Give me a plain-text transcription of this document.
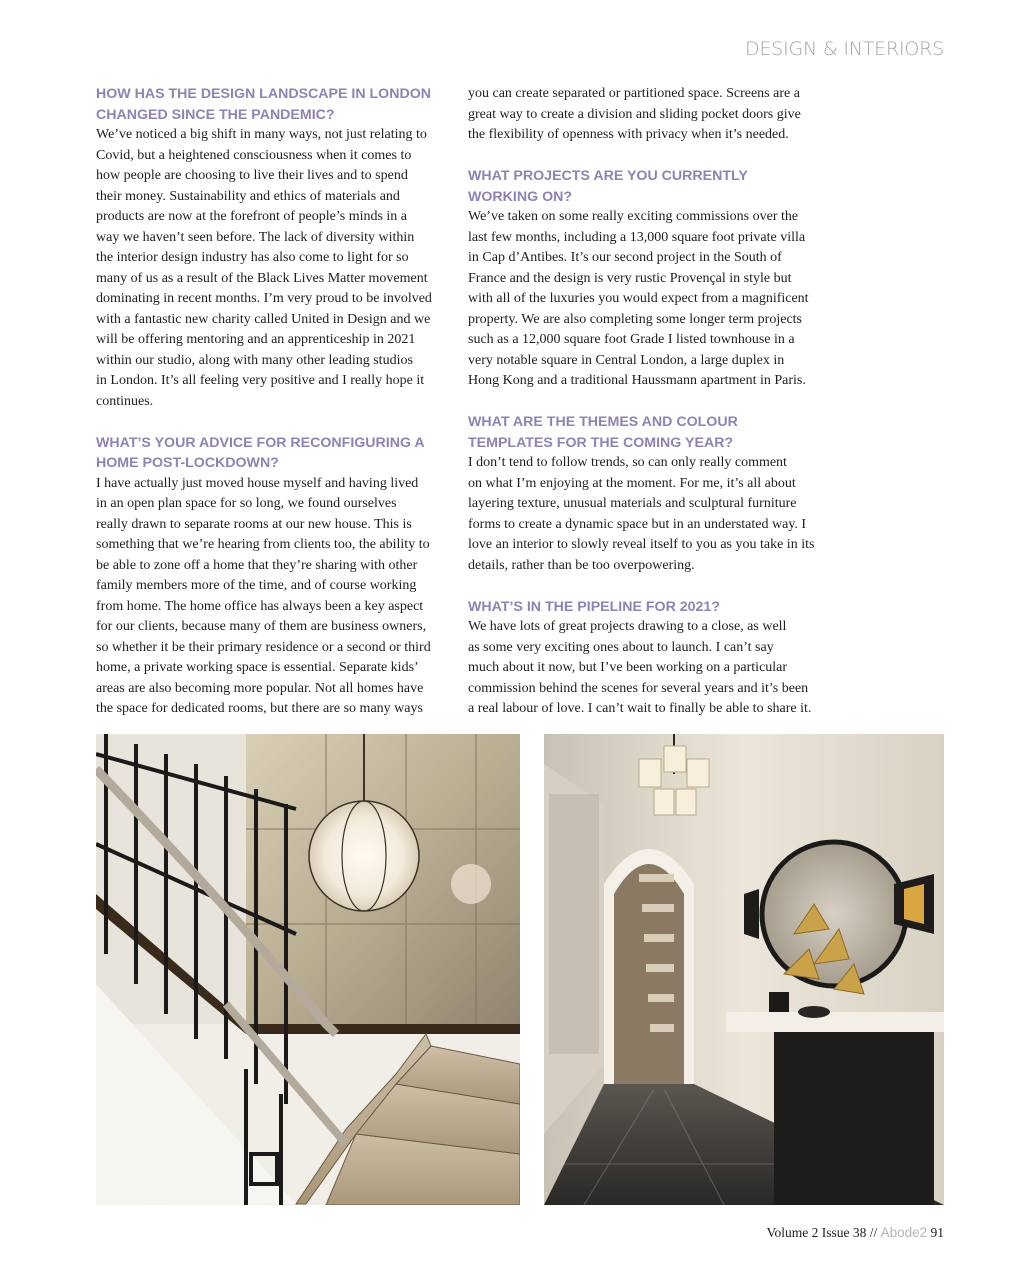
DESIGN & INTERIORS
HOW HAS THE DESIGN LANDSCAPE IN LONDON
CHANGED SINCE THE PANDEMIC?

We’ve noticed a big shift in many ways, not just relating to
Covid, but a heightened consciousness when it comes to
how people are choosing to live their lives and to spend
their money. Sustainability and ethics of materials and
products are now at the forefront of people’s minds in a
way we haven’t seen before. The lack of diversity within
the interior design industry has also come to light for so
many of us as a result of the Black Lives Matter movement
dominating in recent months. I’m very proud to be involved
with a fantastic new charity called United in Design and we
will be offering mentoring and an apprenticeship in 2021
within our studio, along with many other leading studios
in London. It’s all feeling very positive and I really hope it
continues.

WHAT’S YOUR ADVICE FOR RECONFIGURING A
HOME POST-LOCKDOWN?

I have actually just moved house myself and having lived
in an open plan space for so long, we found ourselves
really drawn to separate rooms at our new house. This is
something that we’re hearing from clients too, the ability to
be able to zone off a home that they’re sharing with other
family members more of the time, and of course working
from home. The home office has always been a key aspect
for our clients, because many of them are business owners,
so whether it be their primary residence or a second or third
home, a private working space is essential. Separate kids’
areas are also becoming more popular. Not all homes have
the space for dedicated rooms, but there are so many ways

you can create separated or partitioned space. Screens are a
great way to create a division and sliding pocket doors give
the flexibility of openness with privacy when it’s needed.

WHAT PROJECTS ARE YOU CURRENTLY
WORKING ON?

We’ve taken on some really exciting commissions over the
last few months, including a 13,000 square foot private villa
in Cap d’Antibes. It’s our second project in the South of
France and the design is very rustic Provençal in style but
with all of the luxuries you would expect from a magnificent
property. We are also completing some longer term projects
such as a 12,000 square foot Grade I listed townhouse in a
very notable square in Central London, a large duplex in
Hong Kong and a traditional Haussmann apartment in Paris.

WHAT ARE THE THEMES AND COLOUR
TEMPLATES FOR THE COMING YEAR?

I don’t tend to follow trends, so can only really comment
on what I’m enjoying at the moment. For me, it’s all about
layering texture, unusual materials and sculptural furniture
forms to create a dynamic space but in an understated way. I
love an interior to slowly reveal itself to you as you take in its
details, rather than be too overpowering.

WHAT’S IN THE PIPELINE FOR 2021?

We have lots of great projects drawing to a close, as well
as some very exciting ones about to launch. I can’t say
much about it now, but I’ve been working on a particular
commission behind the scenes for several years and it’s been
a real labour of love. I can’t wait to finally be able to share it.

Volume 2 Issue 38 // Abode2 91
